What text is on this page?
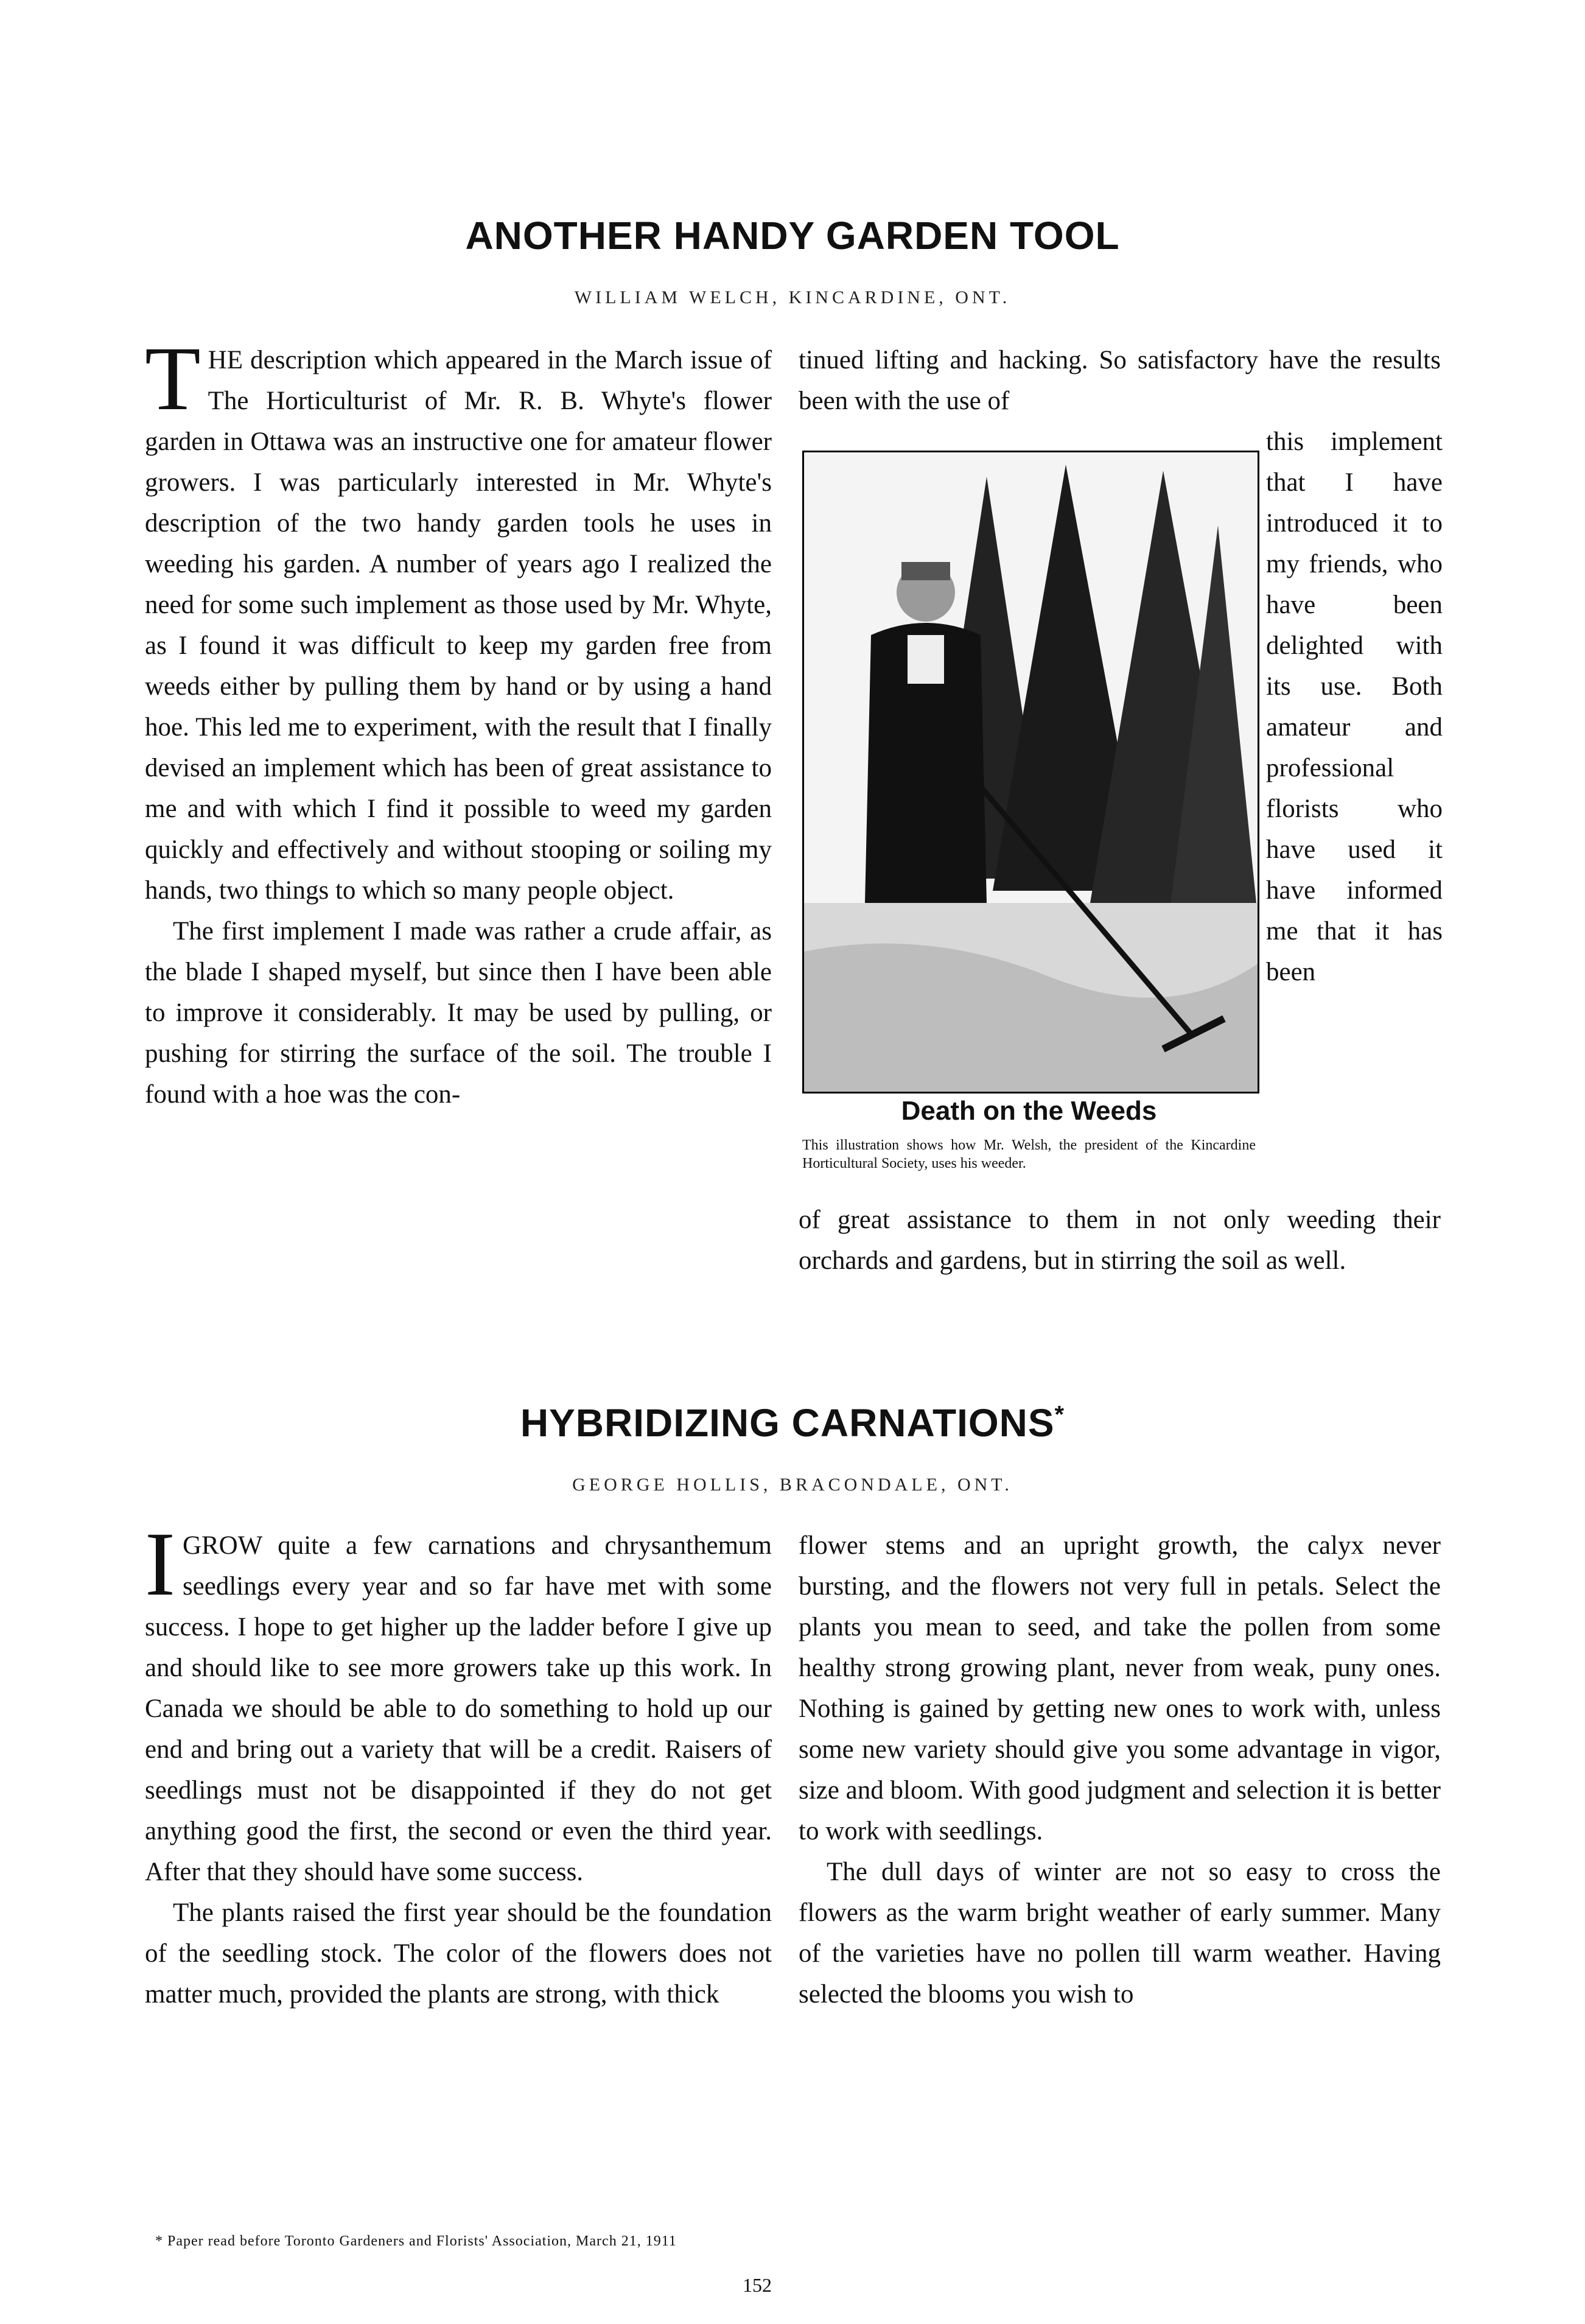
ANOTHER HANDY GARDEN TOOL

WILLIAM WELCH, KINCARDINE, ONT.

THE description which appeared in the March issue of The Horticulturist of Mr. R. B. Whyte's flower garden in Ottawa was an instructive one for amateur flower growers. I was particularly interested in Mr. Whyte's description of the two handy garden tools he uses in weeding his garden. A number of years ago I realized the need for some such implement as those used by Mr. Whyte, as I found it was difficult to keep my garden free from weeds either by pulling them by hand or by using a hand hoe. This led me to experiment, with the result that I finally devised an implement which has been of great assistance to me and with which I find it possible to weed my garden quickly and effectively and without stooping or soiling my hands, two things to which so many people object.

The first implement I made was rather a crude affair, as the blade I shaped myself, but since then I have been able to improve it considerably. It may be used by pulling, or pushing for stirring the surface of the soil. The trouble I found with a hoe was the con-

tinued lifting and hacking. So satisfactory have the results been with the use of

this implement that I have introduced it to my friends, who have been delighted with its use. Both amateur and professional florists who have used it have informed me that it has been

Death on the Weeds

This illustration shows how Mr. Welsh, the president of the Kincardine Horticultural Society, uses his weeder.

of great assistance to them in not only weeding their orchards and gardens, but in stirring the soil as well.

HYBRIDIZING CARNATIONS*

GEORGE HOLLIS, BRACONDALE, ONT.

IGROW quite a few carnations and chrysanthemum seedlings every year and so far have met with some success. I hope to get higher up the ladder before I give up and should like to see more growers take up this work. In Canada we should be able to do something to hold up our end and bring out a variety that will be a credit. Raisers of seedlings must not be disappointed if they do not get anything good the first, the second or even the third year. After that they should have some success.

The plants raised the first year should be the foundation of the seedling stock. The color of the flowers does not matter much, provided the plants are strong, with thick

flower stems and an upright growth, the calyx never bursting, and the flowers not very full in petals. Select the plants you mean to seed, and take the pollen from some healthy strong growing plant, never from weak, puny ones. Nothing is gained by getting new ones to work with, unless some new variety should give you some advantage in vigor, size and bloom. With good judgment and selection it is better to work with seedlings.

The dull days of winter are not so easy to cross the flowers as the warm bright weather of early summer. Many of the varieties have no pollen till warm weather. Having selected the blooms you wish to

* Paper read before Toronto Gardeners and Florists' Association, March 21, 1911

152
